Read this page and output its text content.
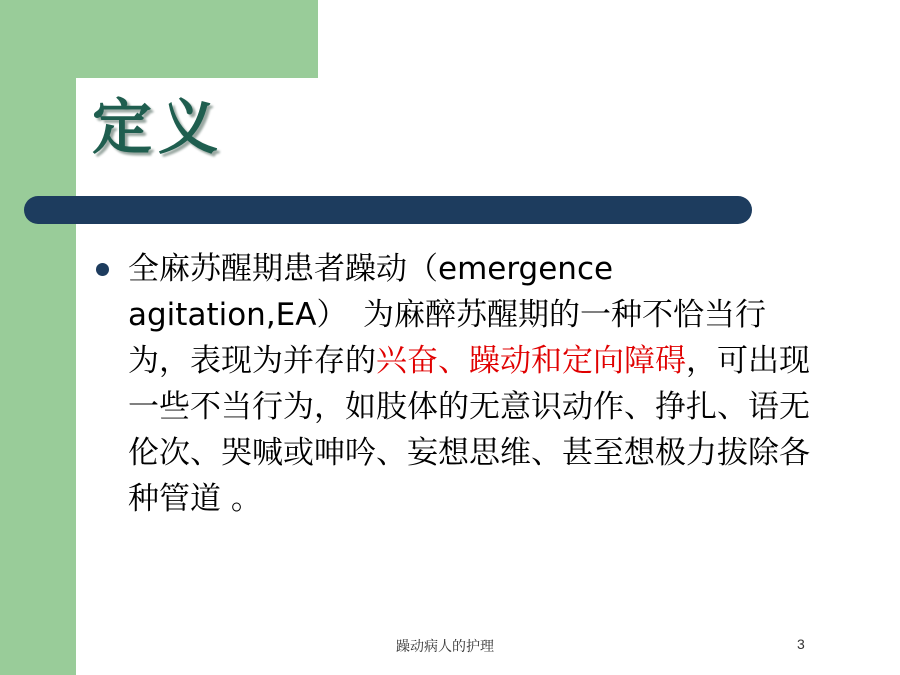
定义
全麻苏醒期患者躁动（emergence agitation,EA）　为麻醉苏醒期的一种不恰当行为，表现为并存的兴奋、躁动和定向障碍，可出现一些不当行为，如肢体的无意识动作、挣扎、语无伦次、哭喊或呻吟、妄想思维、甚至想极力拔除各种管道 。
躁动病人的护理	3
